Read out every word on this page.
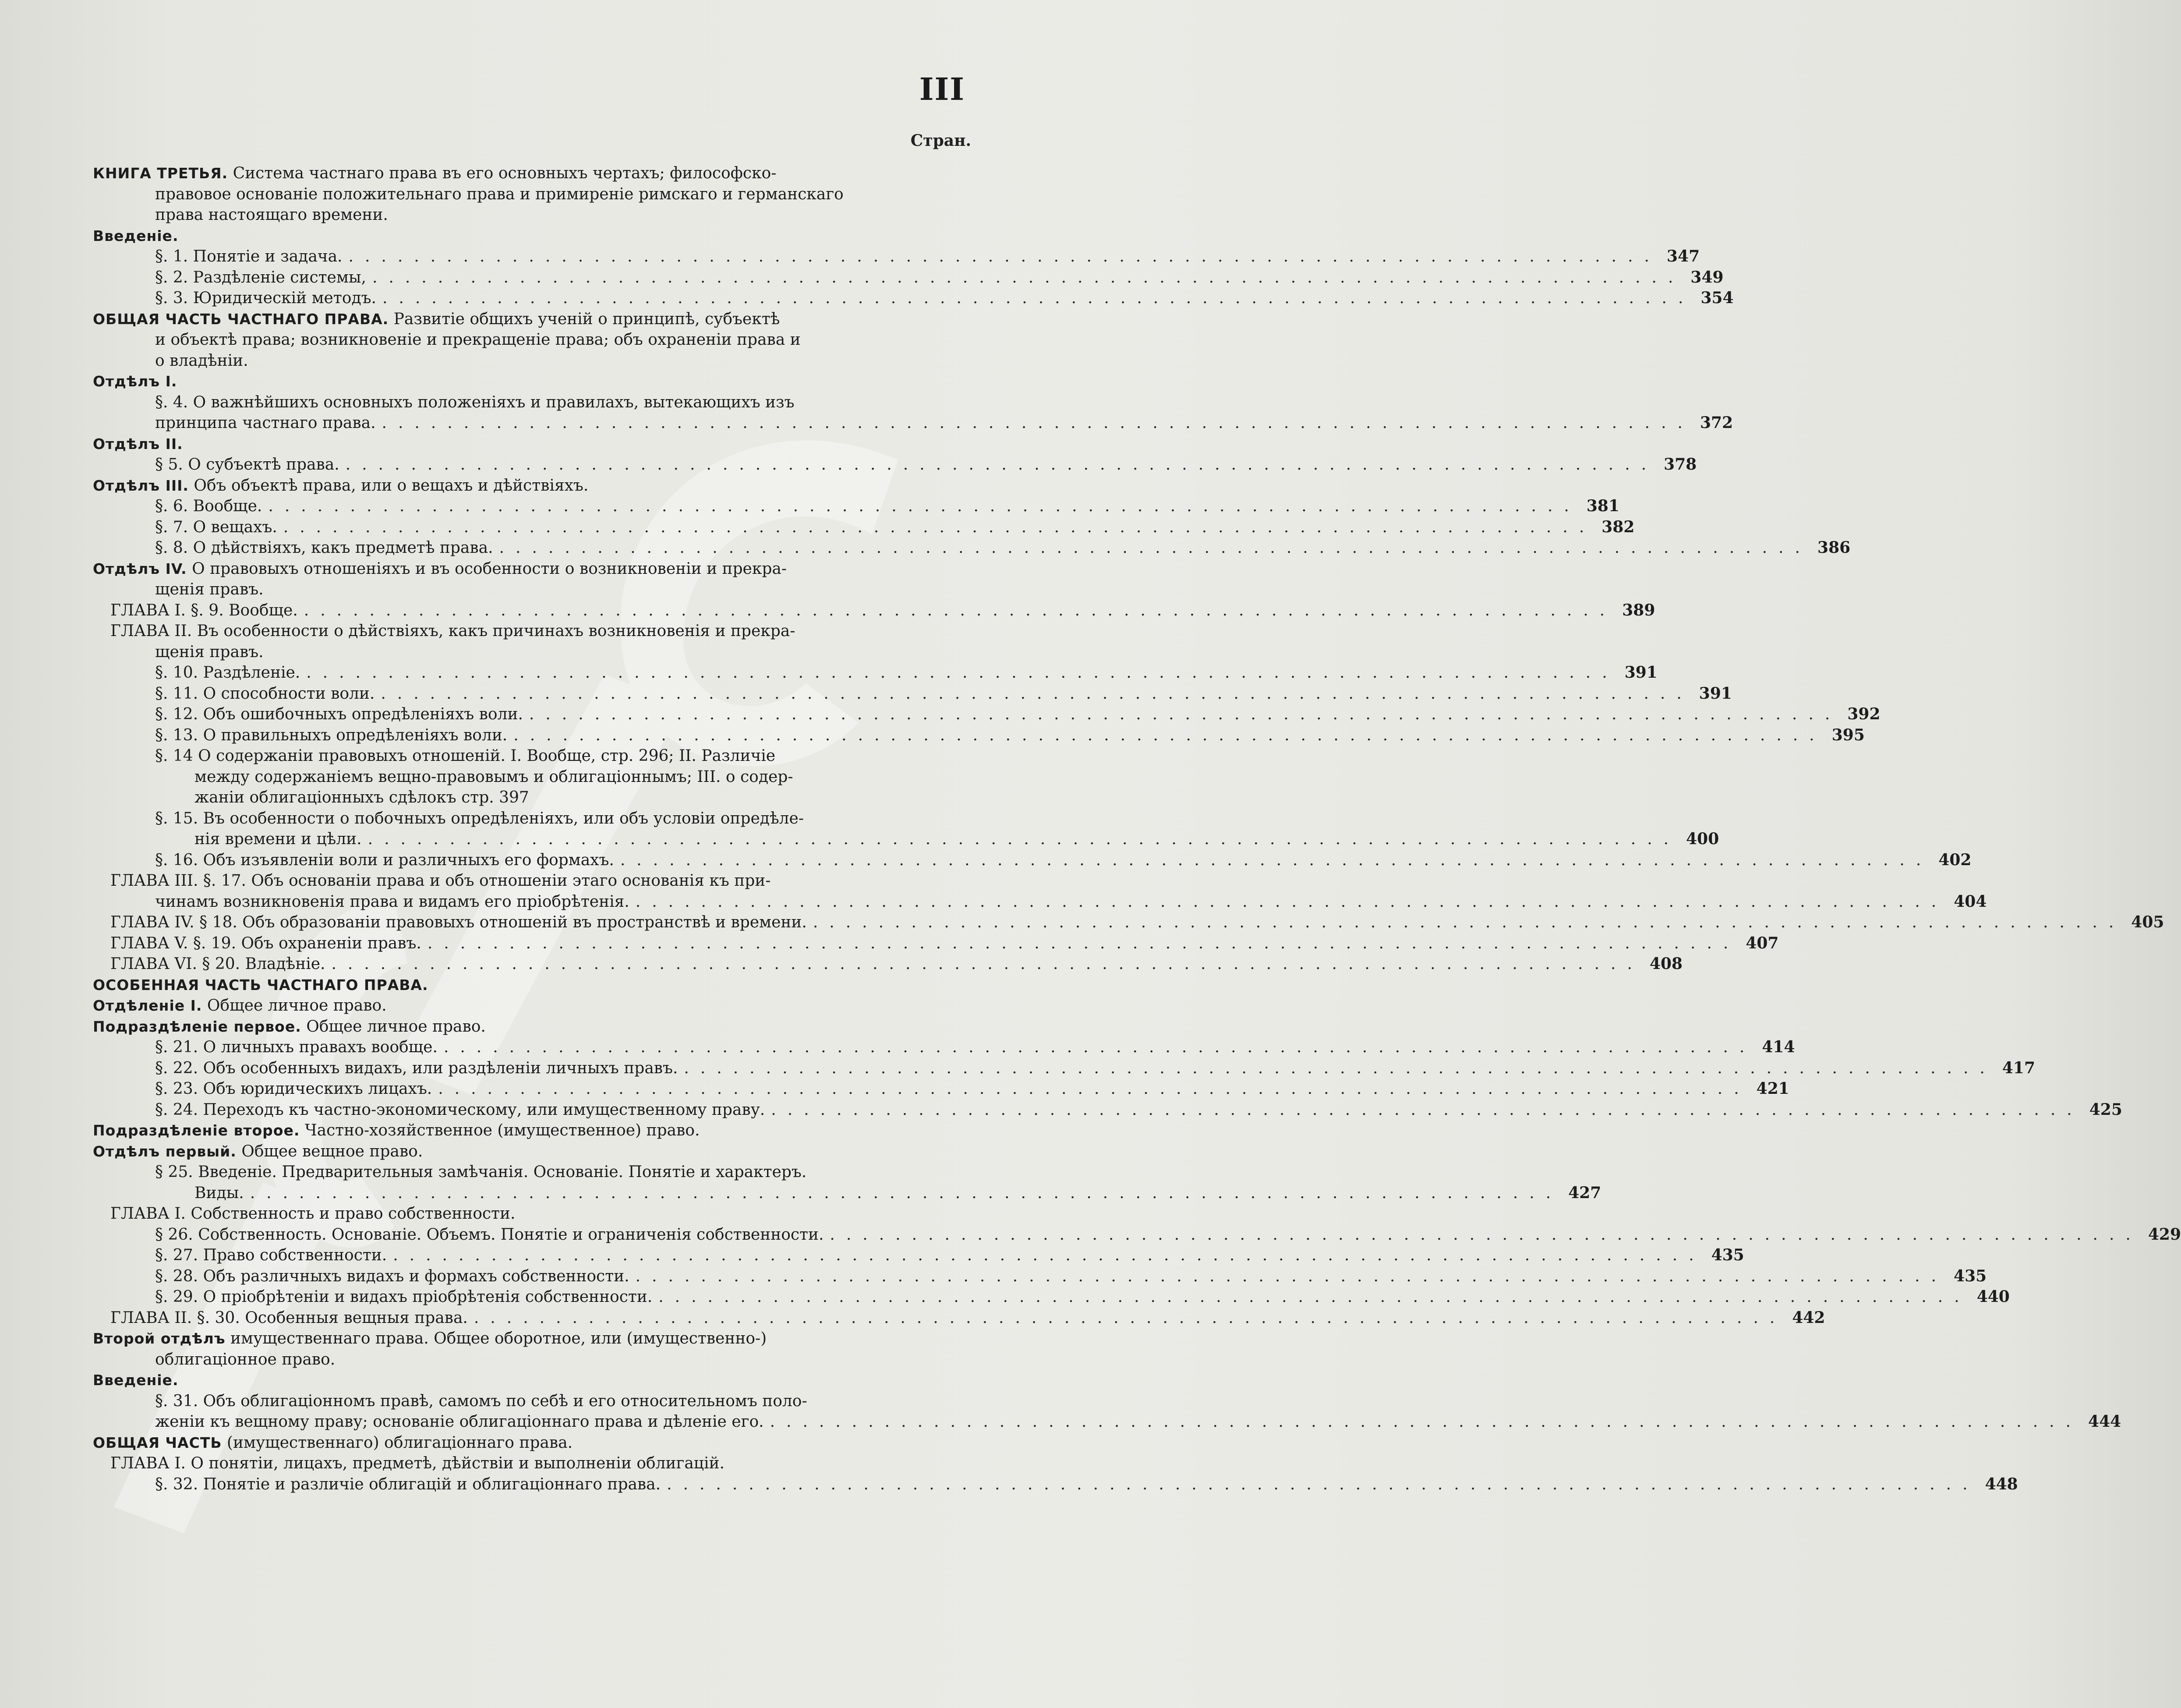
III
Стран.
КНИГА ТРЕТЬЯ. Система частнаго права въ его основныхъ чертахъ; философско-
правовое основанiе положительнаго права и примиренiе римскаго и германскаго
права настоящаго времени.
Введенiе.
§. 1. Понятiе и задача. ................................................................................ 347
§. 2. Раздѣленiе системы, ................................................................................ 349
§. 3. Юридическiй методъ. ................................................................................ 354
ОБЩАЯ ЧАСТЬ ЧАСТНАГО ПРАВА. Развитiе общихъ ученiй о принципѣ, субъектѣ
и объектѣ права; возникновенiе и прекращенiе права; объ охраненiи права и
о владѣнiи.
Отдѣлъ I.
§. 4. О важнѣйшихъ основныхъ положенiяхъ и правилахъ, вытекающихъ изъ
принципа частнаго права. ................................................................................ 372
Отдѣлъ II.
§ 5. О субъектѣ права. ................................................................................ 378
Отдѣлъ III. Объ объектѣ права, или о вещахъ и дѣйствiяхъ.
§. 6. Вообще. ................................................................................ 381
§. 7. О вещахъ. ................................................................................ 382
§. 8. О дѣйствiяхъ, какъ предметѣ права. ................................................................................ 386
Отдѣлъ IV. О правовыхъ отношенiяхъ и въ особенности о возникновенiи и прекра-
щенiя правъ.
ГЛАВА I. §. 9. Вообще. ................................................................................ 389
ГЛАВА II. Въ особенности о дѣйствiяхъ, какъ причинахъ возникновенiя и прекра-
щенiя правъ.
§. 10. Раздѣленiе. ................................................................................ 391
§. 11. О способности воли. ................................................................................ 391
§. 12. Объ ошибочныхъ опредѣленiяхъ воли. ................................................................................ 392
§. 13. О правильныхъ опредѣленiяхъ воли. ................................................................................ 395
§. 14 О содержанiи правовыхъ отношенiй. I. Вообще, стр. 296; II. Различiе
между содержанiемъ вещно-правовымъ и облигацiоннымъ; III. о содер-
жанiи облигацiонныхъ сдѣлокъ стр. 397
§. 15. Въ особенности о побочныхъ опредѣленiяхъ, или объ условiи опредѣле-
нiя времени и цѣли. ................................................................................ 400
§. 16. Объ изъявленiи воли и различныхъ его формахъ. ................................................................................ 402
ГЛАВА III. §. 17. Объ основанiи права и объ отношенiи этаго основанiя къ при-
чинамъ возникновенiя права и видамъ его прiобрѣтенiя. ................................................................................ 404
ГЛАВА IV. § 18. Объ образованiи правовыхъ отношенiй въ пространствѣ и времени. ................................................................................ 405
ГЛАВА V. §. 19. Объ охраненiи правъ. ................................................................................ 407
ГЛАВА VI. § 20. Владѣнiе. ................................................................................ 408
ОСОБЕННАЯ ЧАСТЬ ЧАСТНАГО ПРАВА.
Отдѣленiе I. Общее личное право.
Подраздѣленiе первое. Общее личное право.
§. 21. О личныхъ правахъ вообще. ................................................................................ 414
§. 22. Объ особенныхъ видахъ, или раздѣленiи личныхъ правъ. ................................................................................ 417
§. 23. Объ юридическихъ лицахъ. ................................................................................ 421
§. 24. Переходъ къ частно-экономическому, или имущественному праву. ................................................................................ 425
Подраздѣленiе второе. Частно-хозяйственное (имущественное) право.
Отдѣлъ первый. Общее вещное право.
§ 25. Введенiе. Предварительныя замѣчанiя. Основанiе. Понятiе и характеръ.
Виды. ................................................................................ 427
ГЛАВА I. Собственность и право собственности.
§ 26. Собственность. Основанiе. Объемъ. Понятiе и ограниченiя собственности. ................................................................................ 429
§. 27. Право собственности. ................................................................................ 435
§. 28. Объ различныхъ видахъ и формахъ собственности. ................................................................................ 435
§. 29. О прiобрѣтенiи и видахъ прiобрѣтенiя собственности. ................................................................................ 440
ГЛАВА II. §. 30. Особенныя вещныя права. ................................................................................ 442
Второй отдѣлъ имущественнаго права. Общее оборотное, или (имущественно-)
облигацiонное право.
Введенiе.
§. 31. Объ облигацiонномъ правѣ, самомъ по себѣ и его относительномъ поло-
женiи къ вещному праву; основанiе облигацiоннаго права и дѣленiе его. ................................................................................ 444
ОБЩАЯ ЧАСТЬ (имущественнаго) облигацiоннаго права.
ГЛАВА I. О понятiи, лицахъ, предметѣ, дѣйствiи и выполненiи облигацiй.
§. 32. Понятiе и различiе облигацiй и облигацiоннаго права. ................................................................................ 448
